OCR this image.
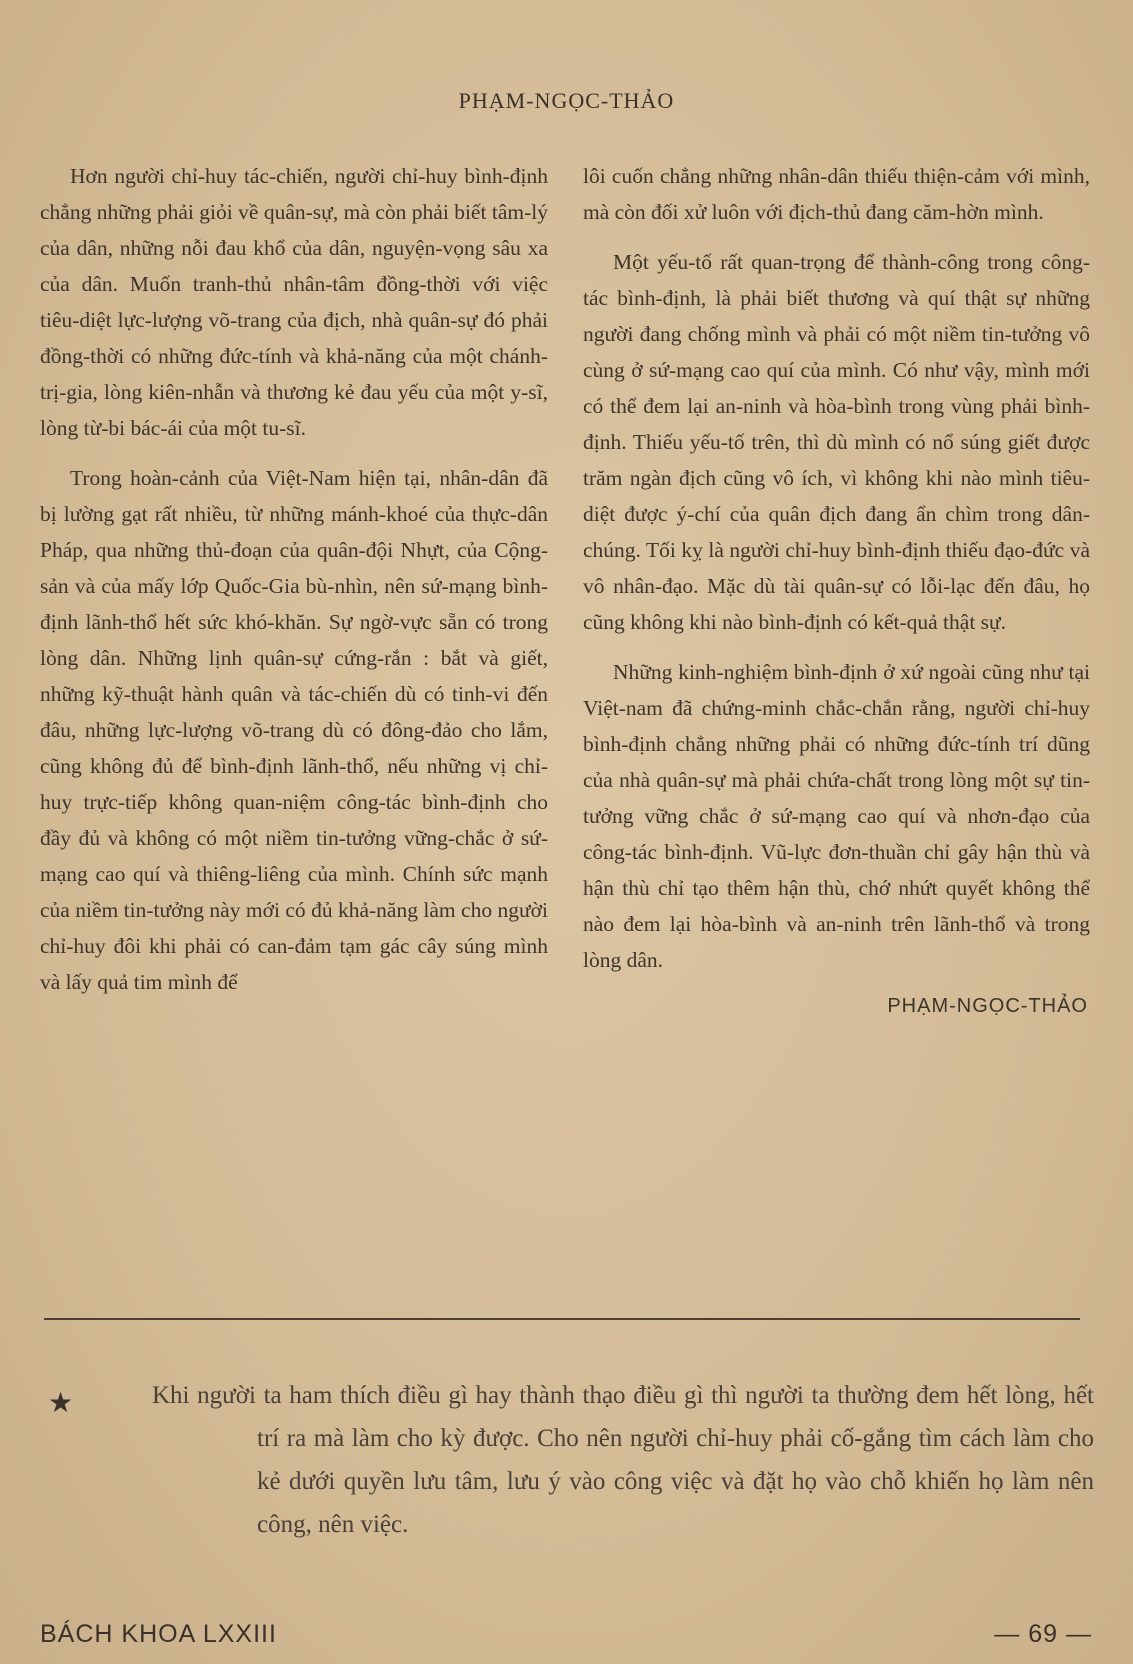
PHẠM-NGỌC-THẢO

Hơn người chỉ-huy tác-chiến, người chỉ-huy bình-định chẳng những phải giỏi về quân-sự, mà còn phải biết tâm-lý của dân, những nỗi đau khổ của dân, nguyện-vọng sâu xa của dân. Muốn tranh-thủ nhân-tâm đồng-thời với việc tiêu-diệt lực-lượng võ-trang của địch, nhà quân-sự đó phải đồng-thời có những đức-tính và khả-năng của một chánh-trị-gia, lòng kiên-nhẫn và thương kẻ đau yếu của một y-sĩ, lòng từ-bi bác-ái của một tu-sĩ.

Trong hoàn-cảnh của Việt-Nam hiện tại, nhân-dân đã bị lường gạt rất nhiều, từ những mánh-khoé của thực-dân Pháp, qua những thủ-đoạn của quân-đội Nhựt, của Cộng-sản và của mấy lớp Quốc-Gia bù-nhìn, nên sứ-mạng bình-định lãnh-thổ hết sức khó-khăn. Sự ngờ-vực sẵn có trong lòng dân. Những lịnh quân-sự cứng-rắn : bắt và giết, những kỹ-thuật hành quân và tác-chiến dù có tinh-vi đến đâu, những lực-lượng võ-trang dù có đông-đảo cho lắm, cũng không đủ để bình-định lãnh-thổ, nếu những vị chỉ-huy trực-tiếp không quan-niệm công-tác bình-định cho đầy đủ và không có một niềm tin-tưởng vững-chắc ở sứ-mạng cao quí và thiêng-liêng của mình. Chính sức mạnh của niềm tin-tưởng này mới có đủ khả-năng làm cho người chỉ-huy đôi khi phải có can-đảm tạm gác cây súng mình và lấy quả tim mình để

lôi cuốn chẳng những nhân-dân thiếu thiện-cảm với mình, mà còn đối xử luôn với địch-thủ đang căm-hờn mình.

Một yếu-tố rất quan-trọng để thành-công trong công-tác bình-định, là phải biết thương và quí thật sự những người đang chống mình và phải có một niềm tin-tưởng vô cùng ở sứ-mạng cao quí của mình. Có như vậy, mình mới có thể đem lại an-ninh và hòa-bình trong vùng phải bình-định. Thiếu yếu-tố trên, thì dù mình có nổ súng giết được trăm ngàn địch cũng vô ích, vì không khi nào mình tiêu-diệt được ý-chí của quân địch đang ẩn chìm trong dân-chúng. Tối kỵ là người chỉ-huy bình-định thiếu đạo-đức và vô nhân-đạo. Mặc dù tài quân-sự có lỗi-lạc đến đâu, họ cũng không khi nào bình-định có kết-quả thật sự.

Những kinh-nghiệm bình-định ở xứ ngoài cũng như tại Việt-nam đã chứng-minh chắc-chắn rằng, người chỉ-huy bình-định chẳng những phải có những đức-tính trí dũng của nhà quân-sự mà phải chứa-chất trong lòng một sự tin-tưởng vững chắc ở sứ-mạng cao quí và nhơn-đạo của công-tác bình-định. Vũ-lực đơn-thuần chỉ gây hận thù và hận thù chỉ tạo thêm hận thù, chớ nhứt quyết không thể nào đem lại hòa-bình và an-ninh trên lãnh-thổ và trong lòng dân.

PHẠM-NGỌC-THẢO
★	Khi người ta ham thích điều gì hay thành thạo điều gì thì người ta thường đem hết lòng, hết trí ra mà làm cho kỳ được. Cho nên người chỉ-huy phải cố-gắng tìm cách làm cho kẻ dưới quyền lưu tâm, lưu ý vào công việc và đặt họ vào chỗ khiến họ làm nên công, nên việc.
BÁCH KHOA LXXIII	— 69 —
